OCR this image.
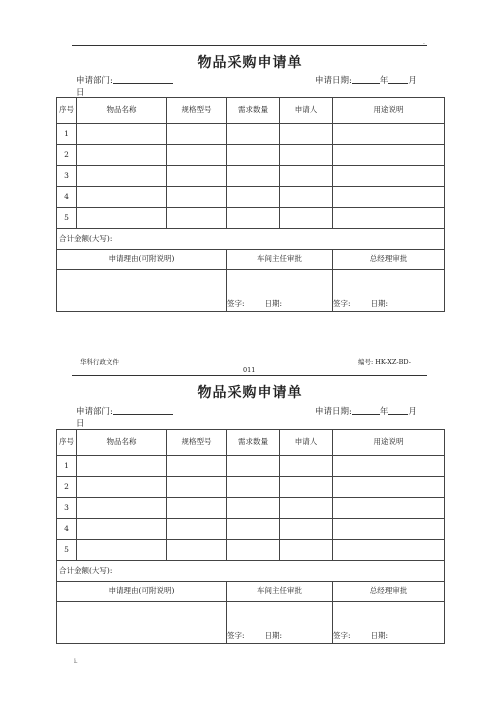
.
物品采购申请单
申请部门:	申请日期:	年 月
日
序号	物品名称	规格型号	需求数量	申请人	用途说明
1					
2					
3					
4					
5					
合计金额(大写):					
申请理由(可附说明)			车间主任审批		总经理审批
			签字: 日期:		签字: 日期:
华科行政文件	编号: HK-XZ-BD-
011
物品采购申请单
申请部门:	申请日期:	年 月
日
序号	物品名称	规格型号	需求数量	申请人	用途说明
1					
2					
3					
4					
5					
合计金额(大写):					
申请理由(可附说明)			车间主任审批		总经理审批
			签字: 日期:		签字: 日期:
i.
